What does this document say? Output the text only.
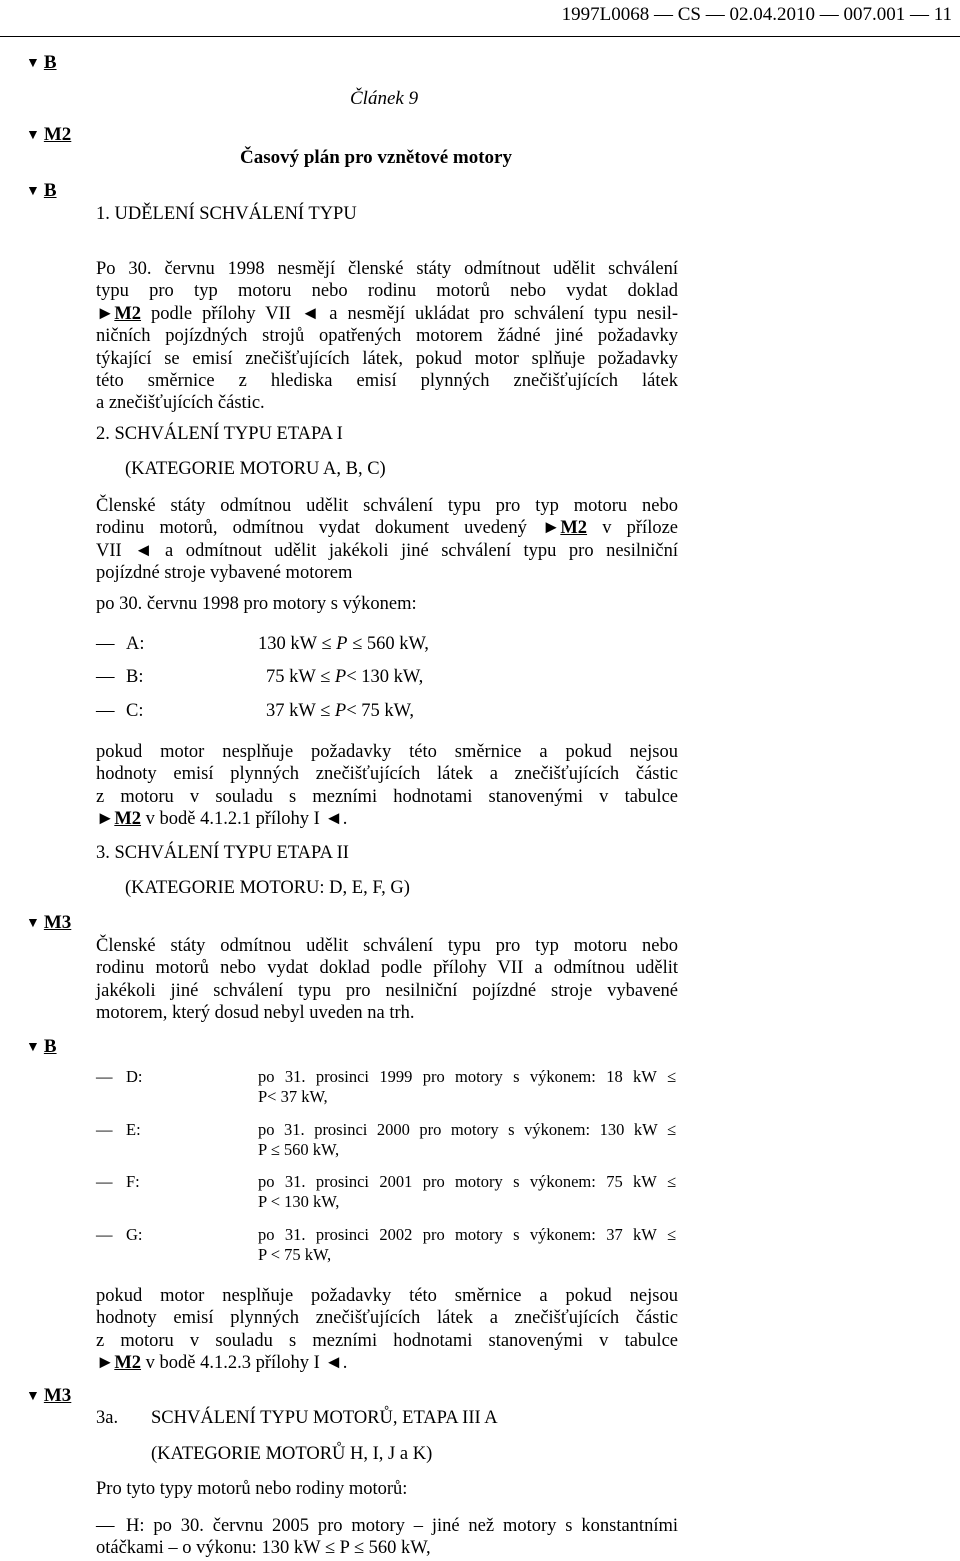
1997L0068 — CS — 02.04.2010 — 007.001 — 11
▼ B
▼ M2
▼ B
▼ M3
▼ B
▼ M3
Článek 9
Časový plán pro vznětové motory
1. UDĚLENÍ SCHVÁLENÍ TYPU
Po 30. červnu 1998 nesmějí členské státy odmítnout udělit schválení
typu pro typ motoru nebo rodinu motorů nebo vydat doklad
►M2 podle přílohy VII ◄ a nesmějí ukládat pro schválení typu nesil-
ničních pojízdných strojů opatřených motorem žádné jiné požadavky
týkající se emisí znečišťujících látek, pokud motor splňuje požadavky
této směrnice z hlediska emisí plynných znečišťujících látek
a znečišťujících částic.
2. SCHVÁLENÍ TYPU ETAPA I
(KATEGORIE MOTORU A, B, C)
Členské státy odmítnou udělit schválení typu pro typ motoru nebo
rodinu motorů, odmítnou vydat dokument uvedený ►M2 v příloze
VII ◄ a odmítnout udělit jakékoli jiné schválení typu pro nesilniční
pojízdné stroje vybavené motorem
po 30. červnu 1998 pro motory s výkonem:
— A:	130 kW ≤ P ≤ 560 kW,
— B:	75 kW ≤ P< 130 kW,
— C:	37 kW ≤ P< 75 kW,
pokud motor nesplňuje požadavky této směrnice a pokud nejsou
hodnoty emisí plynných znečišťujících látek a znečišťujících částic
z motoru v souladu s mezními hodnotami stanovenými v tabulce
►M2 v bodě 4.1.2.1 přílohy I ◄.
3. SCHVÁLENÍ TYPU ETAPA II
(KATEGORIE MOTORU: D, E, F, G)
Členské státy odmítnou udělit schválení typu pro typ motoru nebo
rodinu motorů nebo vydat doklad podle přílohy VII a odmítnou udělit
jakékoli jiné schválení typu pro nesilniční pojízdné stroje vybavené
motorem, který dosud nebyl uveden na trh.
— D:	po 31. prosinci 1999 pro motory s výkonem: 18 kW ≤
P< 37 kW,
— E:	po 31. prosinci 2000 pro motory s výkonem: 130 kW ≤
P ≤ 560 kW,
— F:	po 31. prosinci 2001 pro motory s výkonem: 75 kW ≤
P < 130 kW,
— G:	po 31. prosinci 2002 pro motory s výkonem: 37 kW ≤
P < 75 kW,
pokud motor nesplňuje požadavky této směrnice a pokud nejsou
hodnoty emisí plynných znečišťujících látek a znečišťujících částic
z motoru v souladu s mezními hodnotami stanovenými v tabulce
►M2 v bodě 4.1.2.3 přílohy I ◄.
3a. SCHVÁLENÍ TYPU MOTORŮ, ETAPA III A
(KATEGORIE MOTORŮ H, I, J a K)
Pro tyto typy motorů nebo rodiny motorů:
— H: po 30. červnu 2005 pro motory – jiné než motory s konstantními
otáčkami – o výkonu: 130 kW ≤ P ≤ 560 kW,
